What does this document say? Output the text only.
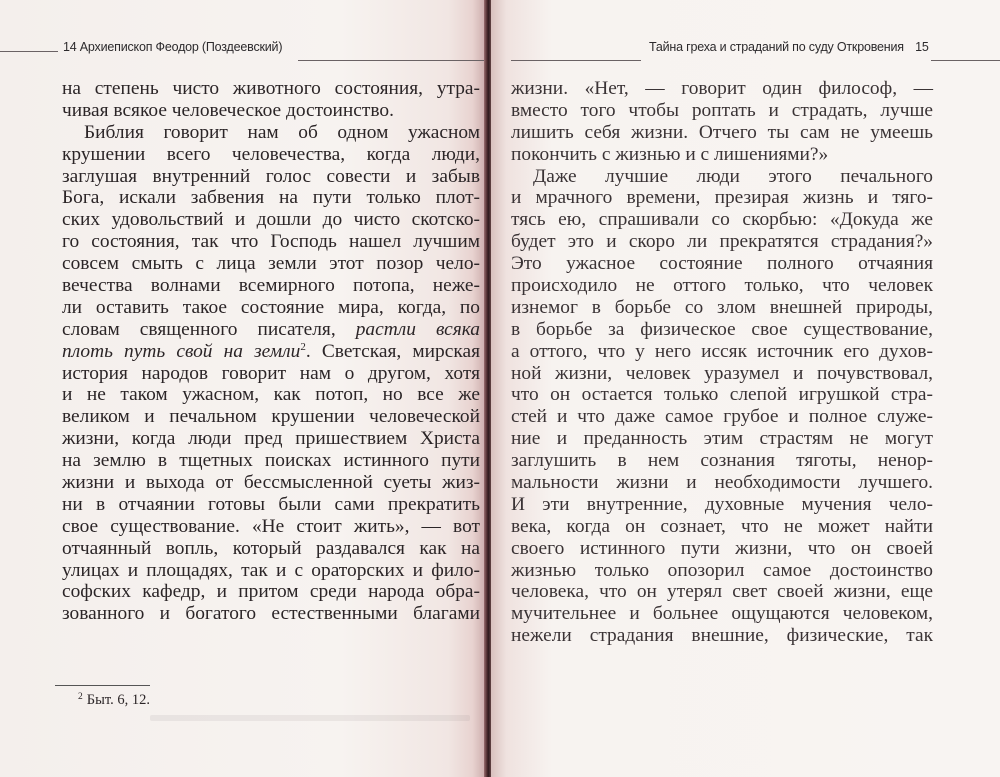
14 Архиепископ Феодор (Поздеевский)
на степень чисто животного состояния, утра-
чивая всякое человеческое достоинство.
Библия говорит нам об одном ужасном
крушении всего человечества, когда люди,
заглушая внутренний голос совести и забыв
Бога, искали забвения на пути только плот-
ских удовольствий и дошли до чисто скотско-
го состояния, так что Господь нашел лучшим
совсем смыть с лица земли этот позор чело-
вечества волнами всемирного потопа, неже-
ли оставить такое состояние мира, когда, по
словам священного писателя, растли всяка
плоть путь свой на земли$^2$. Светская, мирская
история народов говорит нам о другом, хотя
и не таком ужасном, как потоп, но все же
великом и печальном крушении человеческой
жизни, когда люди пред пришествием Христа
на землю в тщетных поисках истинного пути
жизни и выхода от бессмысленной суеты жиз-
ни в отчаянии готовы были сами прекратить
свое существование. «Не стоит жить», — вот
отчаянный вопль, который раздавался как на
улицах и площадях, так и с ораторских и фило-
софских кафедр, и притом среди народа обра-
зованного и богатого естественными благами
$^2$ Быт. 6, 12.
Тайна греха и страданий по суду Откровения 15
жизни. «Нет, — говорит один философ, —
вместо того чтобы роптать и страдать, лучше
лишить себя жизни. Отчего ты сам не умеешь
покончить с жизнью и с лишениями?»
Даже лучшие люди этого печального
и мрачного времени, презирая жизнь и тяго-
тясь ею, спрашивали со скорбью: «Докуда же
будет это и скоро ли прекратятся страдания?»
Это ужасное состояние полного отчаяния
происходило не оттого только, что человек
изнемог в борьбе со злом внешней природы,
в борьбе за физическое свое существование,
а оттого, что у него иссяк источник его духов-
ной жизни, человек уразумел и почувствовал,
что он остается только слепой игрушкой стра-
стей и что даже самое грубое и полное служе-
ние и преданность этим страстям не могут
заглушить в нем сознания тяготы, ненор-
мальности жизни и необходимости лучшего.
И эти внутренние, духовные мучения чело-
века, когда он сознает, что не может найти
своего истинного пути жизни, что он своей
жизнью только опозорил самое достоинство
человека, что он утерял свет своей жизни, еще
мучительнее и больнее ощущаются человеком,
нежели страдания внешние, физические, так
